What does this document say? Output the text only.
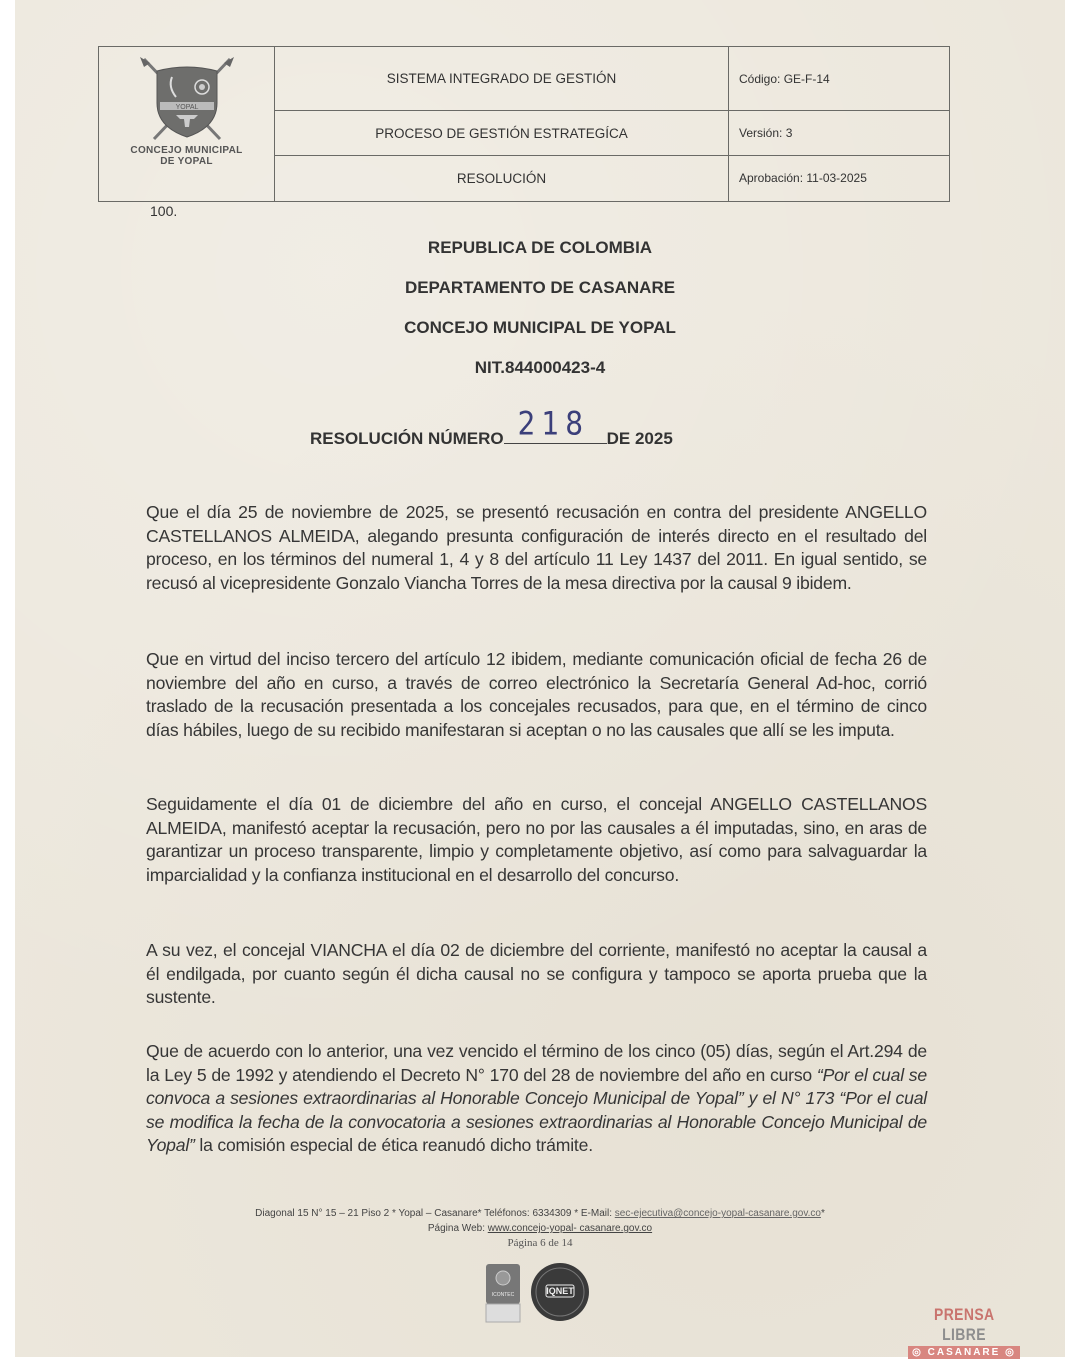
YOPAL
CONCEJO MUNICIPAL
DE YOPAL	SISTEMA INTEGRADO DE GESTIÓN	Código: GE-F-14
	PROCESO DE GESTIÓN ESTRATEGÍCA	Versión: 3
	RESOLUCIÓN	Aprobación: 11-03-2025
100.
REPUBLICA DE COLOMBIA
DEPARTAMENTO DE CASANARE
CONCEJO MUNICIPAL DE YOPAL
NIT.844000423-4
RESOLUCIÓN NÚMERO 218 DE 2025
Que el día 25 de noviembre de 2025, se presentó recusación en contra del presidente ANGELLO CASTELLANOS ALMEIDA, alegando presunta configuración de interés directo en el resultado del proceso, en los términos del numeral 1, 4 y 8 del artículo 11 Ley 1437 del 2011. En igual sentido, se recusó al vicepresidente Gonzalo Viancha Torres de la mesa directiva por la causal 9 ibidem.
Que en virtud del inciso tercero del artículo 12 ibidem, mediante comunicación oficial de fecha 26 de noviembre del año en curso, a través de correo electrónico la Secretaría General Ad-hoc, corrió traslado de la recusación presentada a los concejales recusados, para que, en el término de cinco días hábiles, luego de su recibido manifestaran si aceptan o no las causales que allí se les imputa.
Seguidamente el día 01 de diciembre del año en curso, el concejal ANGELLO CASTELLANOS ALMEIDA, manifestó aceptar la recusación, pero no por las causales a él imputadas, sino, en aras de garantizar un proceso transparente, limpio y completamente objetivo, así como para salvaguardar la imparcialidad y la confianza institucional en el desarrollo del concurso.
A su vez, el concejal VIANCHA el día 02 de diciembre del corriente, manifestó no aceptar la causal a él endilgada, por cuanto según él dicha causal no se configura y tampoco se aporta prueba que la sustente.
Que de acuerdo con lo anterior, una vez vencido el término de los cinco (05) días, según el Art.294 de la Ley 5 de 1992 y atendiendo el Decreto N° 170 del 28 de noviembre del año en curso “Por el cual se convoca a sesiones extraordinarias al Honorable Concejo Municipal de Yopal” y el N° 173 “Por el cual se modifica la fecha de la convocatoria a sesiones extraordinarias al Honorable Concejo Municipal de Yopal” la comisión especial de ética reanudó dicho trámite.
Diagonal 15 N° 15 – 21 Piso 2 * Yopal – Casanare* Teléfonos: 6334309 * E-Mail: sec-ejecutiva@concejo-yopal-casanare.gov.co*
Página Web: www.concejo-yopal- casanare.gov.co
Página 6 de 14
ICONTEC	IQNET
PRENSA LIBRE
◎ CASANARE ◎
